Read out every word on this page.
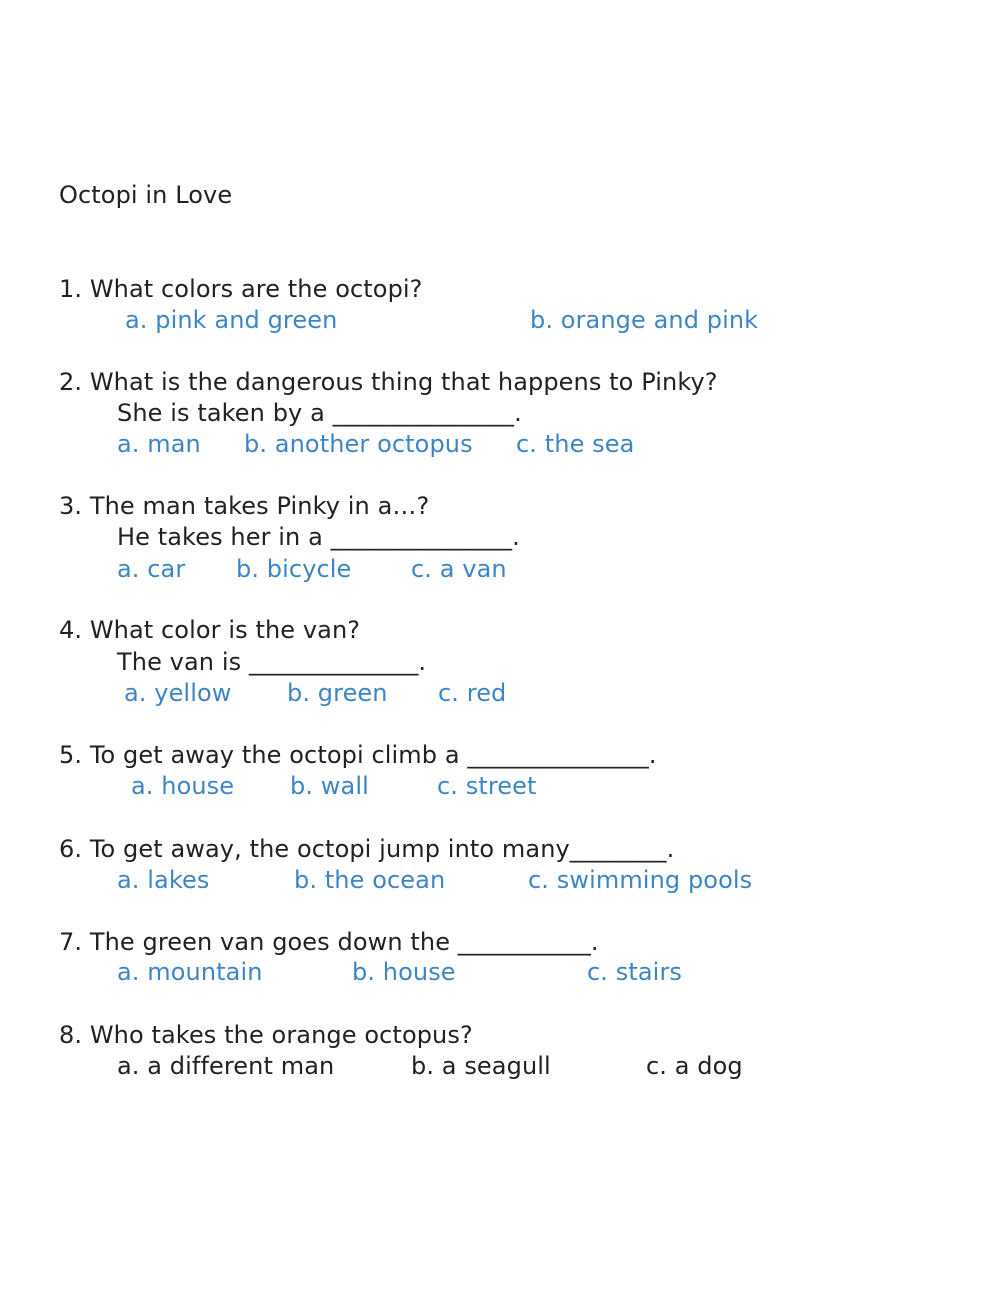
Octopi in Love
1. What colors are the octopi?
a. pink and green	b. orange and pink
2. What is the dangerous thing that happens to Pinky?
She is taken by a _______________.
a. man b. another octopus c. the sea
3. The man takes Pinky in a…?
He takes her in a _______________.
a. car b. bicycle c. a van
4. What color is the van?
The van is ______________.
a. yellow b. green c. red
5. To get away the octopi climb a _______________.
a. house b. wall	c. street
6. To get away, the octopi jump into many________.
a. lakes	b. the ocean	c. swimming pools
7. The green van goes down the ___________.
a. mountain	b. house	c. stairs
8. Who takes the orange octopus?
a. a different man	b. a seagull	c. a dog
